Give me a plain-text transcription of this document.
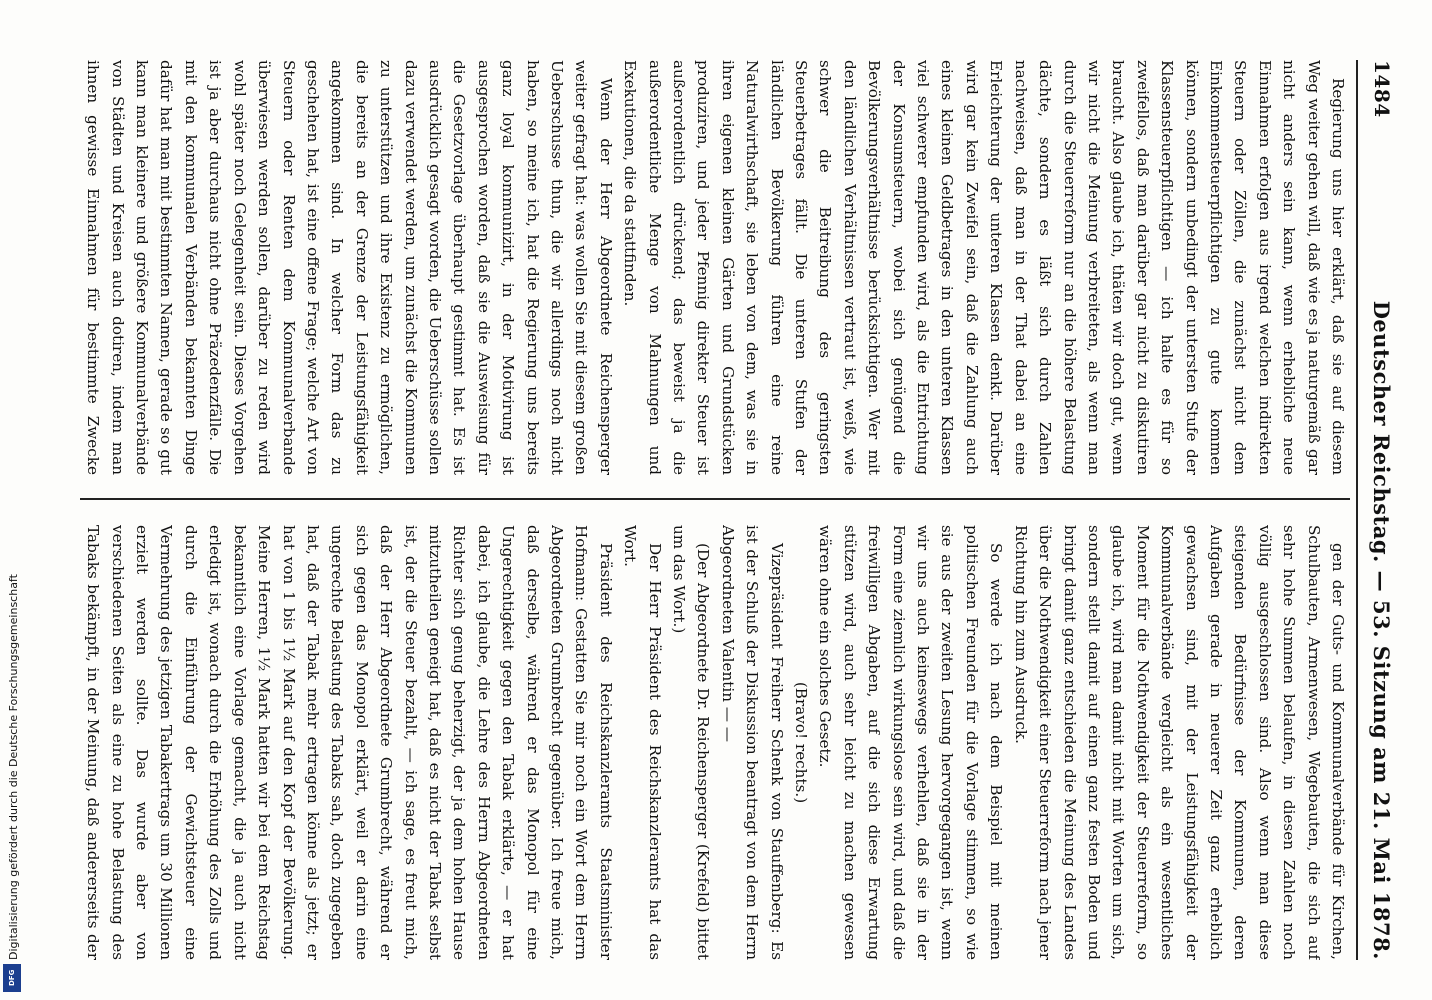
1484
Deutscher Reichstag. — 53. Sitzung am 21. Mai 1878.

Regierung uns hier erklärt, daß sie auf diesem Weg weiter gehen will, daß wie es ja naturgemäß gar nicht anders sein kann, wenn erhebliche neue Einnahmen erfolgen aus irgend welchen indirekten Steuern oder Zöllen, die zunächst nicht dem Einkommensteuerpflichtigen zu gute kommen können, sondern unbedingt der untersten Stufe der Klassensteuerpflichtigen — ich halte es für so zweifellos, daß man darüber gar nicht zu diskutiren braucht. Also glaube ich, thäten wir doch gut, wenn wir nicht die Meinung verbreiteten, als wenn man durch die Steuerreform nur an die höhere Belastung dächte, sondern es läßt sich durch Zahlen nachweisen, daß man in der That dabei an eine Erleichterung der unteren Klassen denkt. Darüber wird gar kein Zweifel sein, daß die Zahlung auch eines kleinen Geldbetrages in den unteren Klassen viel schwerer empfunden wird, als die Entrichtung der Konsumsteuern, wobei sich genügend die Bevölkerungsverhältnisse berücksichtigen. Wer mit den ländlichen Verhältnissen vertraut ist, weiß, wie schwer die Beitreibung des geringsten Steuerbetrages fällt. Die unteren Stufen der ländlichen Bevölkerung führen eine reine Naturalwirthschaft, sie leben von dem, was sie in ihren eigenen kleinen Gärten und Grundstücken produziren, und jeder Pfennig direkter Steuer ist außerordentlich drückend; das beweist ja die außerordentliche Menge von Mahnungen und Exekutionen, die da stattfinden.

Wenn der Herr Abgeordnete Reichensperger weiter gefragt hat: was wollen Sie mit diesem großen Ueberschusse thun, die wir allerdings noch nicht haben, so meine ich, hat die Regierung uns bereits ganz loyal kommunizirt, in der Motivirung ist ausgesprochen worden, daß sie die Ausweisung für die Gesetzvorlage überhaupt gestimmt hat. Es ist ausdrücklich gesagt worden, die Ueberschüsse sollen dazu verwendet werden, um zunächst die Kommunen zu unterstützen und ihre Existenz zu ermöglichen, die bereits an der Grenze der Leistungsfähigkeit angekommen sind. In welcher Form das zu geschehen hat, ist eine offene Frage; welche Art von Steuern oder Renten dem Kommunalverbande überwiesen werden sollen, darüber zu reden wird wohl später noch Gelegenheit sein. Dieses Vorgehen ist ja aber durchaus nicht ohne Präzedenzfälle. Die mit den kommunalen Verbänden bekannten Dinge dafür hat man mit bestimmten Namen, gerade so gut kann man kleinere und größere Kommunalverbände von Städten und Kreisen auch dotiren, indem man ihnen gewisse Einnahmen für bestimmte Zwecke

gen der Guts- und Kommunalverbände für Kirchen, Schulbauten, Armenwesen, Wegebauten, die sich auf sehr hohe Summen belaufen, in diesen Zahlen noch völlig ausgeschlossen sind. Also wenn man diese steigenden Bedürfnisse der Kommunen, deren Aufgaben gerade in neuerer Zeit ganz erheblich gewachsen sind, mit der Leistungsfähigkeit der Kommunalverbände vergleicht als ein wesentliches Moment für die Nothwendigkeit der Steuerreform, so glaube ich, wird man damit nicht mit Worten um sich, sondern stellt damit auf einen ganz festen Boden und bringt damit ganz entschieden die Meinung des Landes über die Nothwendigkeit einer Steuerreform nach jener Richtung hin zum Ausdruck.

So werde ich nach dem Beispiel mit meinen politischen Freunden für die Vorlage stimmen, so wie sie aus der zweiten Lesung hervorgegangen ist, wenn wir uns auch keineswegs verhehlen, daß sie in der Form eine ziemlich wirkungslose sein wird, und daß die freiwilligen Abgaben, auf die sich diese Erwartung stützen wird, auch sehr leicht zu machen gewesen wären ohne ein solches Gesetz.

(Bravo! rechts.)

Vizepräsident Freiherr Schenk von Stauffenberg: Es ist der Schluß der Diskussion beantragt von dem Herrn Abgeordneten Valentin — —

(Der Abgeordnete Dr. Reichensperger (Krefeld) bittet um das Wort.)

Der Herr Präsident des Reichskanzleramts hat das Wort.

Präsident des Reichskanzleramts Staatsminister Hofmann: Gestatten Sie mir noch ein Wort dem Herrn Abgeordneten Grumbrecht gegenüber. Ich freue mich, daß derselbe, während er das Monopol für eine Ungerechtigkeit gegen den Tabak erklärte, — er hat dabei, ich glaube, die Lehre des Herrn Abgeordneten Richter sich genug beherzigt, der ja dem hohen Hause mitzutheilen geneigt hat, daß es nicht der Tabak selbst ist, der die Steuer bezahlt, — ich sage, es freut mich, daß der Herr Abgeordnete Grumbrecht, während er sich gegen das Monopol erklärt, weil er darin eine ungerechte Belastung des Tabaks sah, doch zugegeben hat, daß der Tabak mehr ertragen könne als jetzt; er hat von 1 bis 1½ Mark auf den Kopf der Bevölkerung. Meine Herren, 1½ Mark hatten wir bei dem Reichstag bekanntlich eine Vorlage gemacht, die ja auch nicht erledigt ist, wonach durch die Erhöhung des Zolls und durch die Einführung der Gewichtsteuer eine Vermehrung des jetzigen Tabakertrags um 30 Millionen erzielt werden sollte. Das wurde aber von verschiedenen Seiten als eine zu hohe Belastung des Tabaks bekämpft, in der Meinung, daß andererseits der

Digitalisierung gefördert durch die Deutsche Forschungsgemeinschaft
DFG
